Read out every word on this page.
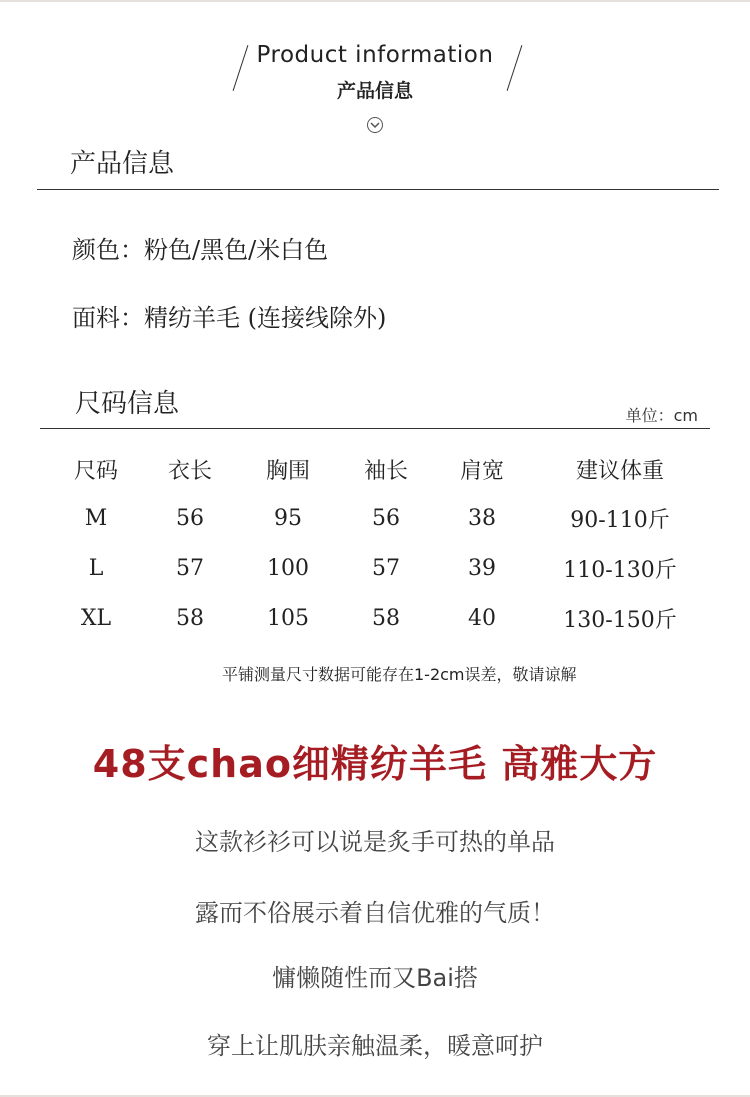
Product information
产品信息
产品信息
颜色：粉色/黑色/米白色
面料：精纺羊毛 (连接线除外)
尺码信息	单位：cm
尺码	衣长	胸围	袖长	肩宽	建议体重
M	56	95	56	38	90-110斤
L	57	100	57	39	110-130斤
XL	58	105	58	40	130-150斤
平铺测量尺寸数据可能存在1-2cm误差，敬请谅解
48支chao细精纺羊毛 高雅大方
这款衫衫可以说是炙手可热的单品
露而不俗展示着自信优雅的气质！
慵懒随性而又Bai搭
穿上让肌肤亲触温柔，暖意呵护
